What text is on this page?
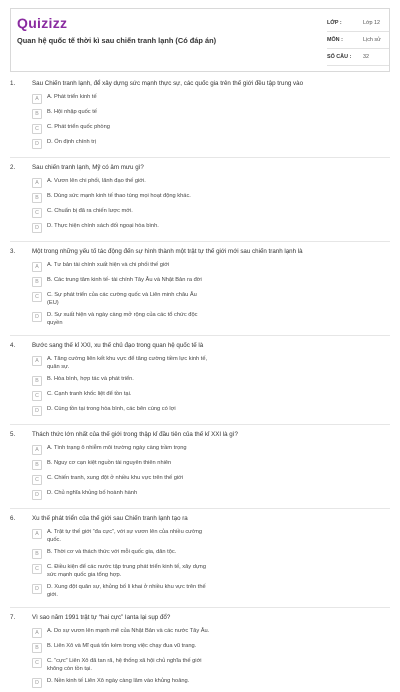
Quizizz
Quan hệ quốc tế thời kì sau chiến tranh lạnh (Có đáp án)
LỚP :	Lớp 12
MÔN :	Lịch sử
SỐ CÂU :	32
1.	Sau Chiến tranh lạnh, để xây dựng sức mạnh thực sự, các quốc gia trên thế giới đều tập trung vào
A	A. Phát triển kinh tế
B	B. Hội nhập quốc tế
C	C. Phát triển quốc phòng
D	D. Ổn định chính trị
2.	Sau chiến tranh lạnh, Mỹ có âm mưu gì?
A	A. Vươn lên chi phối, lãnh đạo thế giới.
B	B. Dùng sức mạnh kinh tế thao túng mọi hoạt động khác.
C	C. Chuẩn bị đã ra chiến lược mới.
D	D. Thực hiện chính sách đối ngoại hòa bình.
3.	Một trong những yếu tố tác động đến sự hình thành một trật tự thế giới mới sau chiến tranh lạnh là
A	A. Tư bản tài chính xuất hiện và chi phối thế giới
B	B. Các trung tâm kinh tế- tài chính Tây Âu và Nhật Bản ra đời
C	C. Sự phát triển của các cường quốc và Liên minh châu Âu (EU)
D	D. Sự xuất hiện và ngày càng mở rộng của các tổ chức độc quyền
4.	Bước sang thế kỉ XXI, xu thế chủ đạo trong quan hệ quốc tế là
A	A. Tăng cường liên kết khu vực để tăng cường tiềm lực kinh tế, quân sự.
B	B. Hòa bình, hợp tác và phát triển.
C	C. Cạnh tranh khốc liệt để tồn tại.
D	D. Cùng tồn tại trong hòa bình, các bên cùng có lợi
5.	Thách thức lớn nhất của thế giới trong thập kỉ đầu tiên của thế kỉ XXI là gì?
A	A. Tình trạng ô nhiễm môi trường ngày càng trầm trọng
B	B. Nguy cơ cạn kiệt nguồn tài nguyên thiên nhiên
C	C. Chiến tranh, xung đột ở nhiều khu vực trên thế giới
D	D. Chủ nghĩa khủng bố hoành hành
6.	Xu thế phát triển của thế giới sau Chiến tranh lạnh tạo ra
A	A. Trật tự thế giới “đa cực”, với sự vươn lên của nhiều cường quốc.
B	B. Thời cơ và thách thức với mỗi quốc gia, dân tộc.
C	C. Điều kiện để các nước tập trung phát triển kinh tế, xây dựng sức mạnh quốc gia tổng hợp.
D	D. Xung đột quân sự, khủng bố li khai ở nhiều khu vực trên thế giới.
7.	Vì sao năm 1991 trật tự “hai cực” Ianta lại sụp đổ?
A	A. Do sự vươn lên mạnh mẽ của Nhật Bản và các nước Tây Âu.
B	B. Liên Xô và Mĩ quá tốn kém trong việc chạy đua vũ trang.
C	C. “cực” Liên Xô đã tan rã, hệ thống xã hội chủ nghĩa thế giới không còn tồn tại.
D	D. Nền kinh tế Liên Xô ngày càng lâm vào khủng hoảng.
